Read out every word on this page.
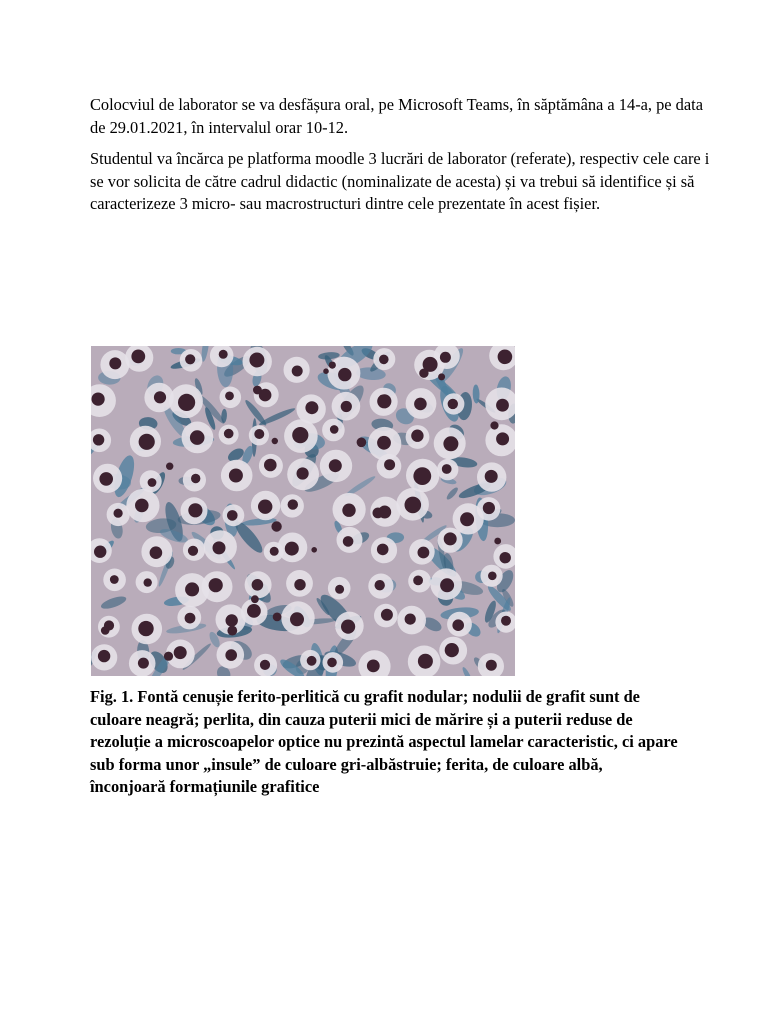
Colocviul de laborator se va desfășura oral, pe Microsoft Teams, în săptămâna a 14-a, pe data de 29.01.2021, în intervalul orar 10-12.

Studentul va încărca pe platforma moodle 3 lucrări de laborator (referate), respectiv cele care i se vor solicita de către cadrul didactic (nominalizate de acesta) și va trebui să identifice și să caracterizeze 3 micro- sau macrostructuri dintre cele prezentate în acest fișier.

Fig. 1. Fontă cenușie ferito-perlitică cu grafit nodular; nodulii de grafit sunt de culoare neagră; perlita, din cauza puterii mici de mărire și a puterii reduse de rezoluție a microscoapelor optice nu prezintă aspectul lamelar caracteristic, ci apare sub forma unor „insule” de culoare gri-albăstruie; ferita, de culoare albă, înconjoară formațiunile grafitice
